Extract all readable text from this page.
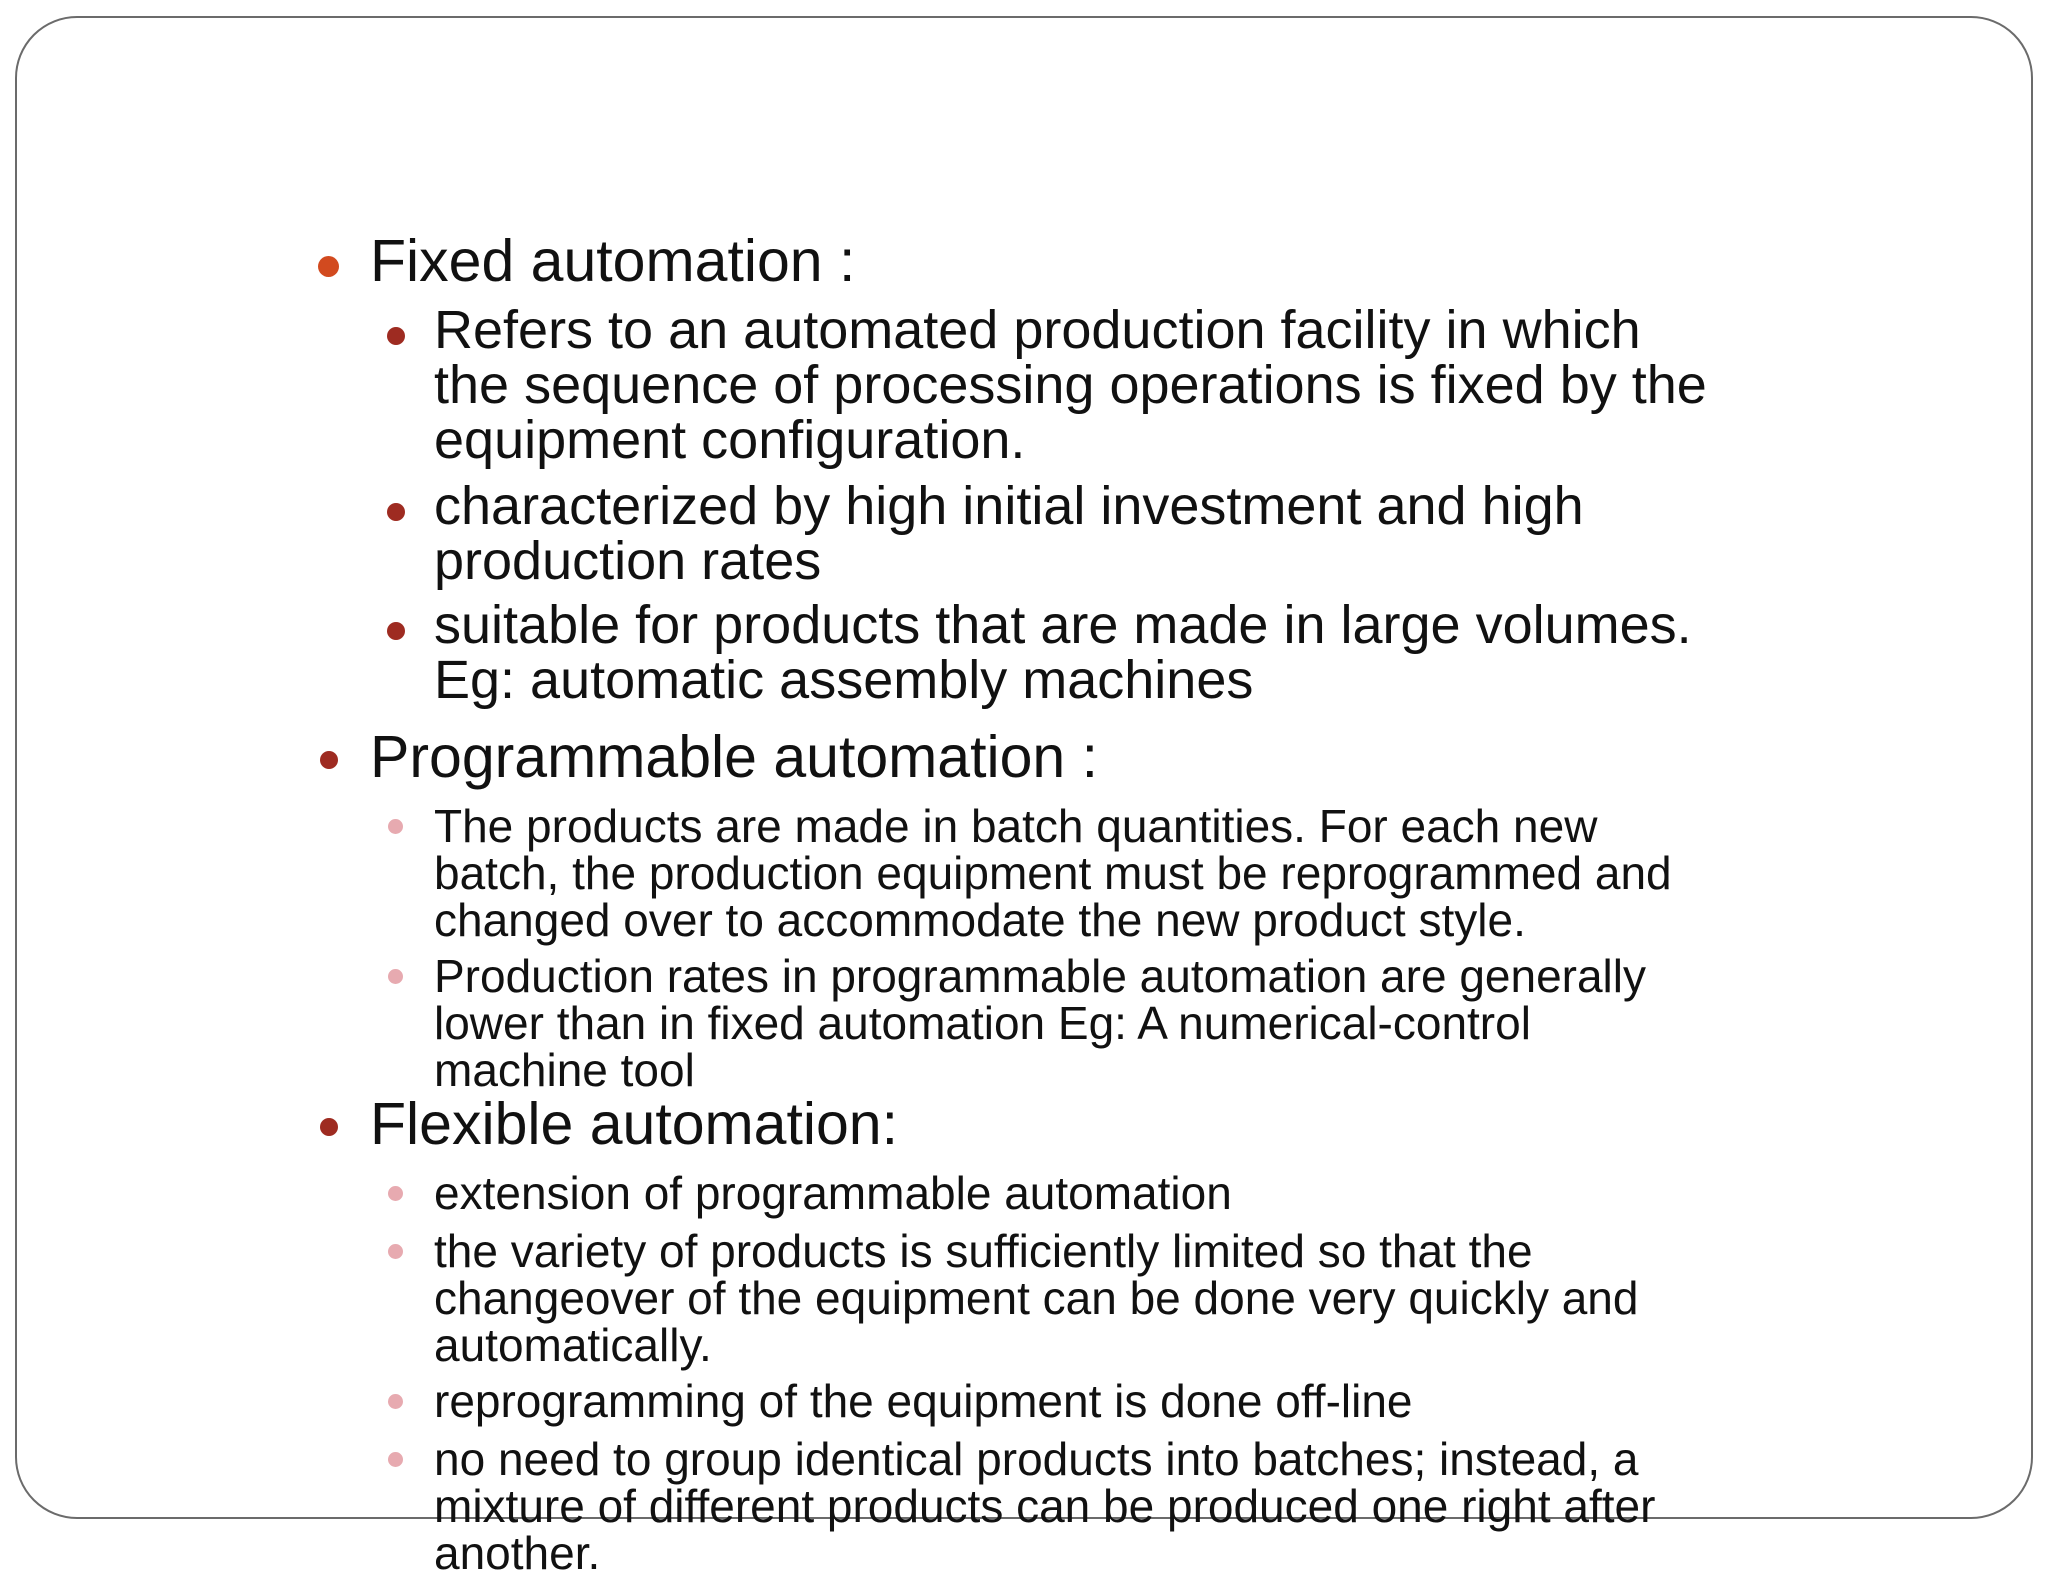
Fixed automation :
Refers to an automated production facility in which
the sequence of processing operations is fixed by the
equipment configuration.
characterized by high initial investment and high
production rates
suitable for products that are made in large volumes.
Eg: automatic assembly machines
Programmable automation :
The products are made in batch quantities. For each new
batch, the production equipment must be reprogrammed and
changed over to accommodate the new product style.
Production rates in programmable automation are generally
lower than in fixed automation Eg: A numerical-control
machine tool
Flexible automation:
extension of programmable automation
the variety of products is sufficiently limited so that the
changeover of the equipment can be done very quickly and
automatically.
reprogramming of the equipment is done off-line
no need to group identical products into batches; instead, a
mixture of different products can be produced one right after
another.
